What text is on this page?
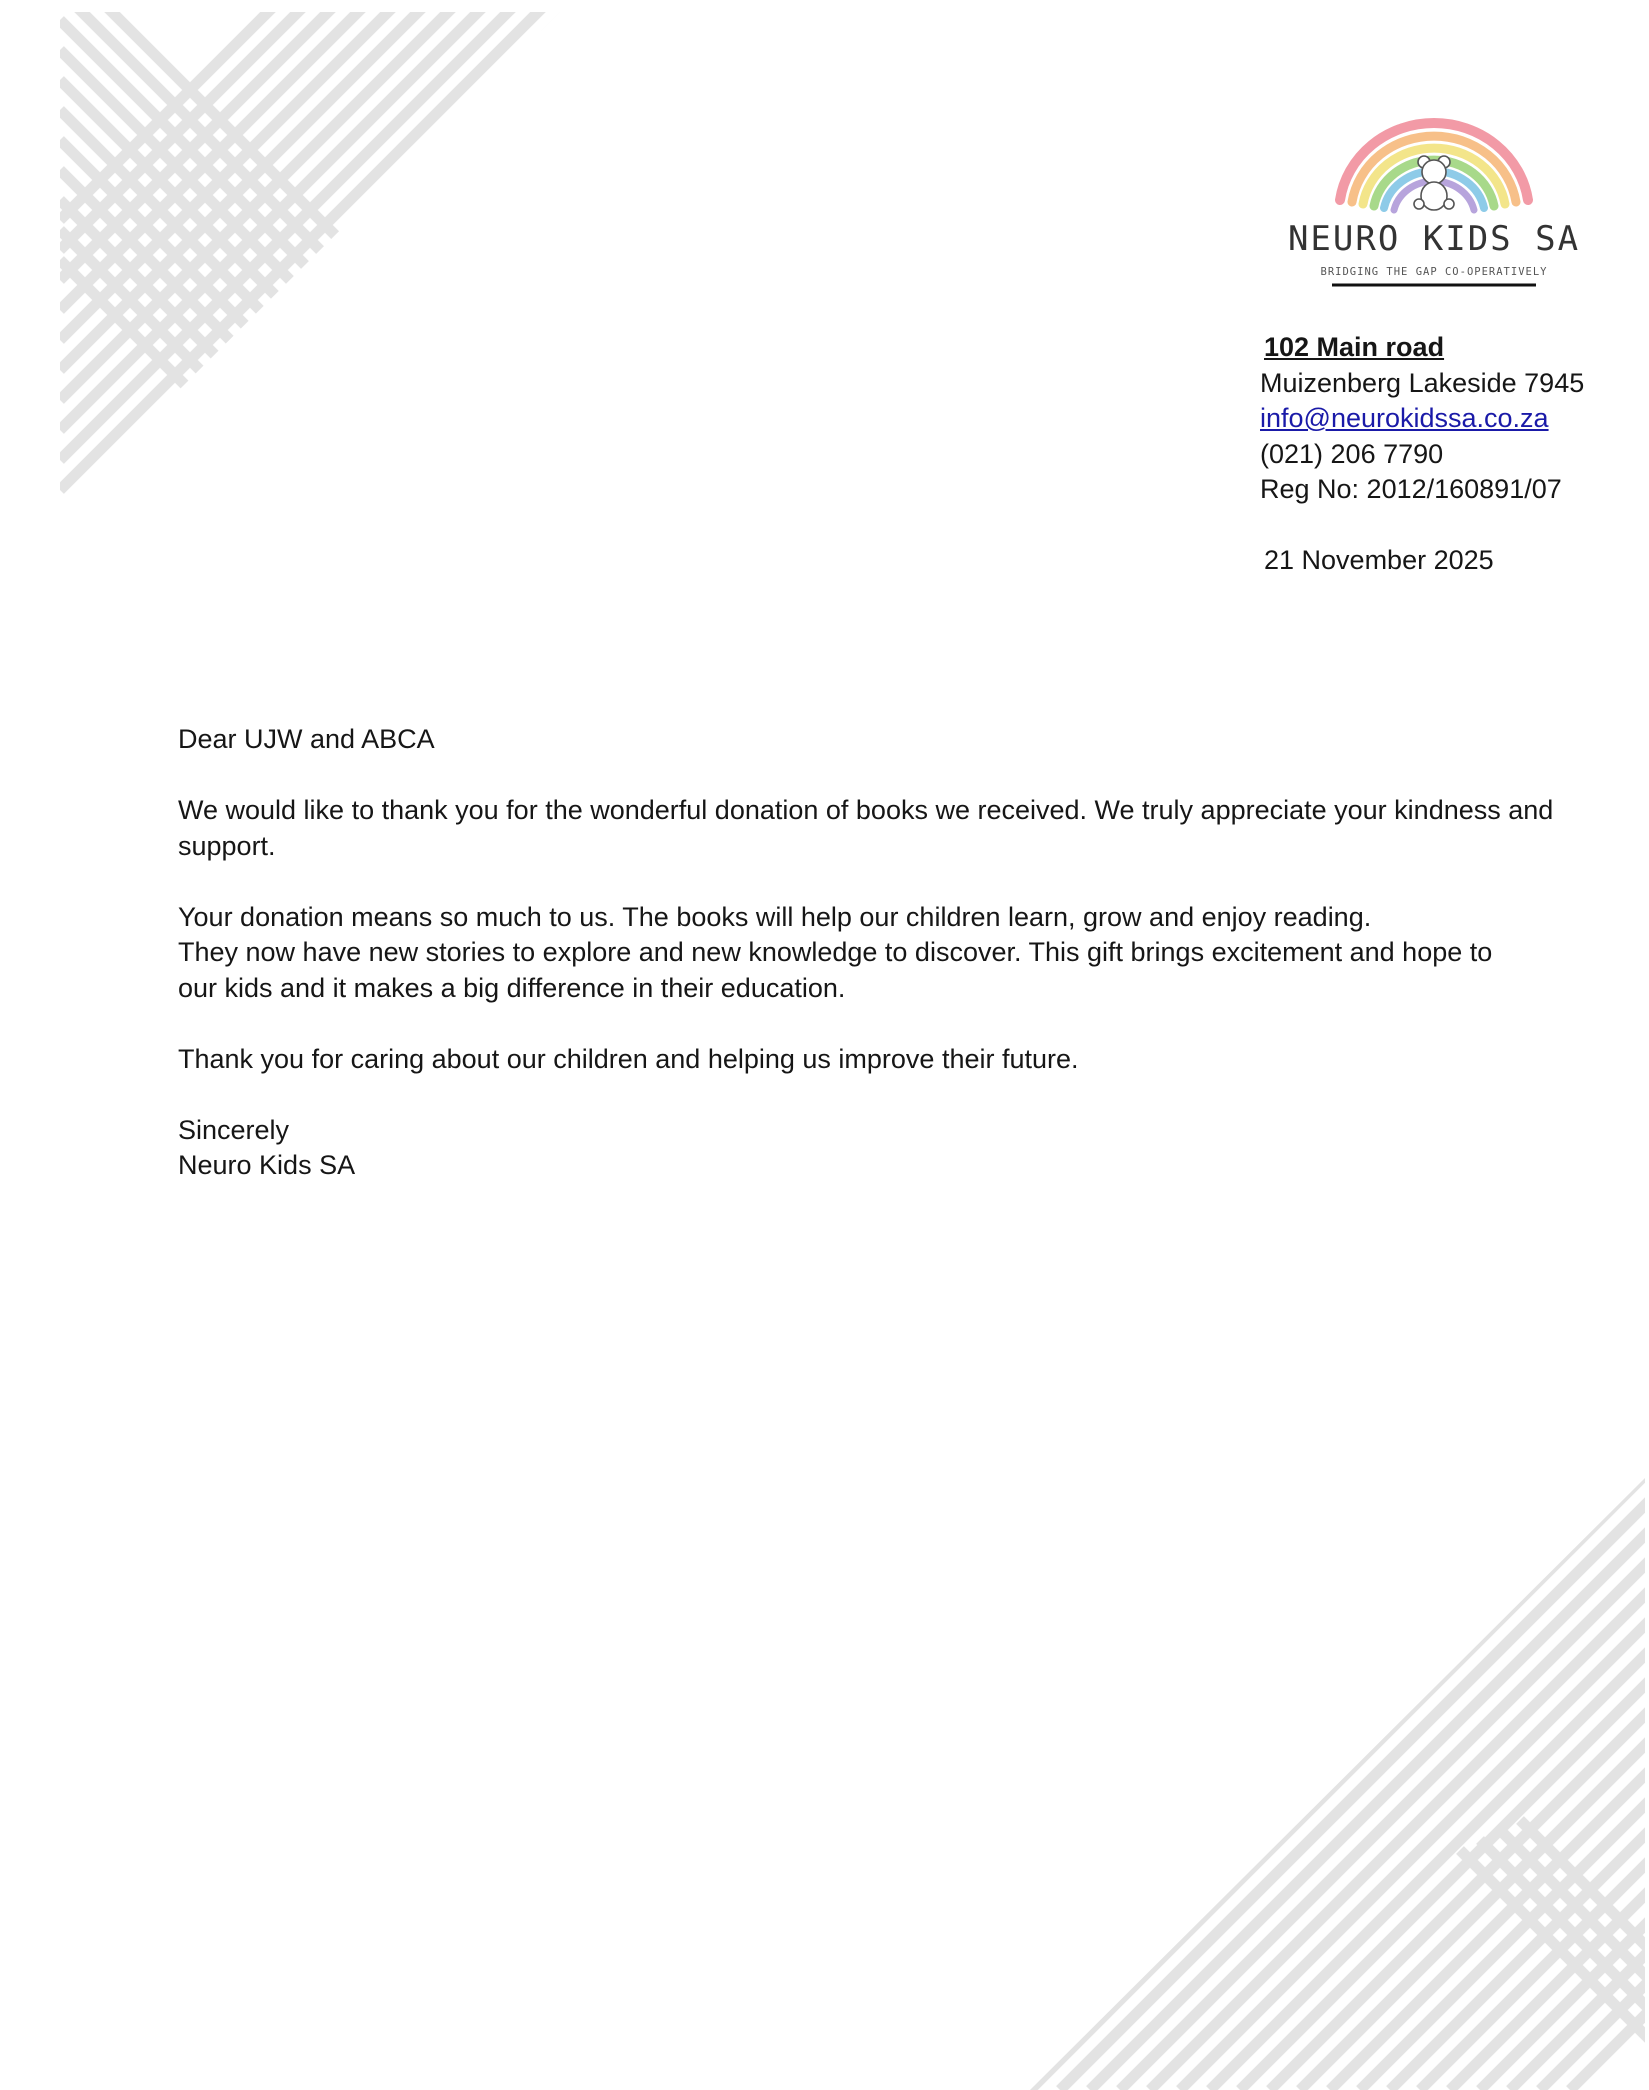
NEURO KIDS SA
BRIDGING THE GAP CO-OPERATIVELY
102 Main road
Muizenberg Lakeside 7945
info@neurokidssa.co.za
(021) 206 7790
Reg No: 2012/160891/07
21 November 2025

Dear UJW and ABCA

We would like to thank you for the wonderful donation of books we received. We truly appreciate your kindness and
support.

Your donation means so much to us. The books will help our children learn, grow and enjoy reading.
They now have new stories to explore and new knowledge to discover. This gift brings excitement and hope to
our kids and it makes a big difference in their education.

Thank you for caring about our children and helping us improve their future.

Sincerely
Neuro Kids SA
